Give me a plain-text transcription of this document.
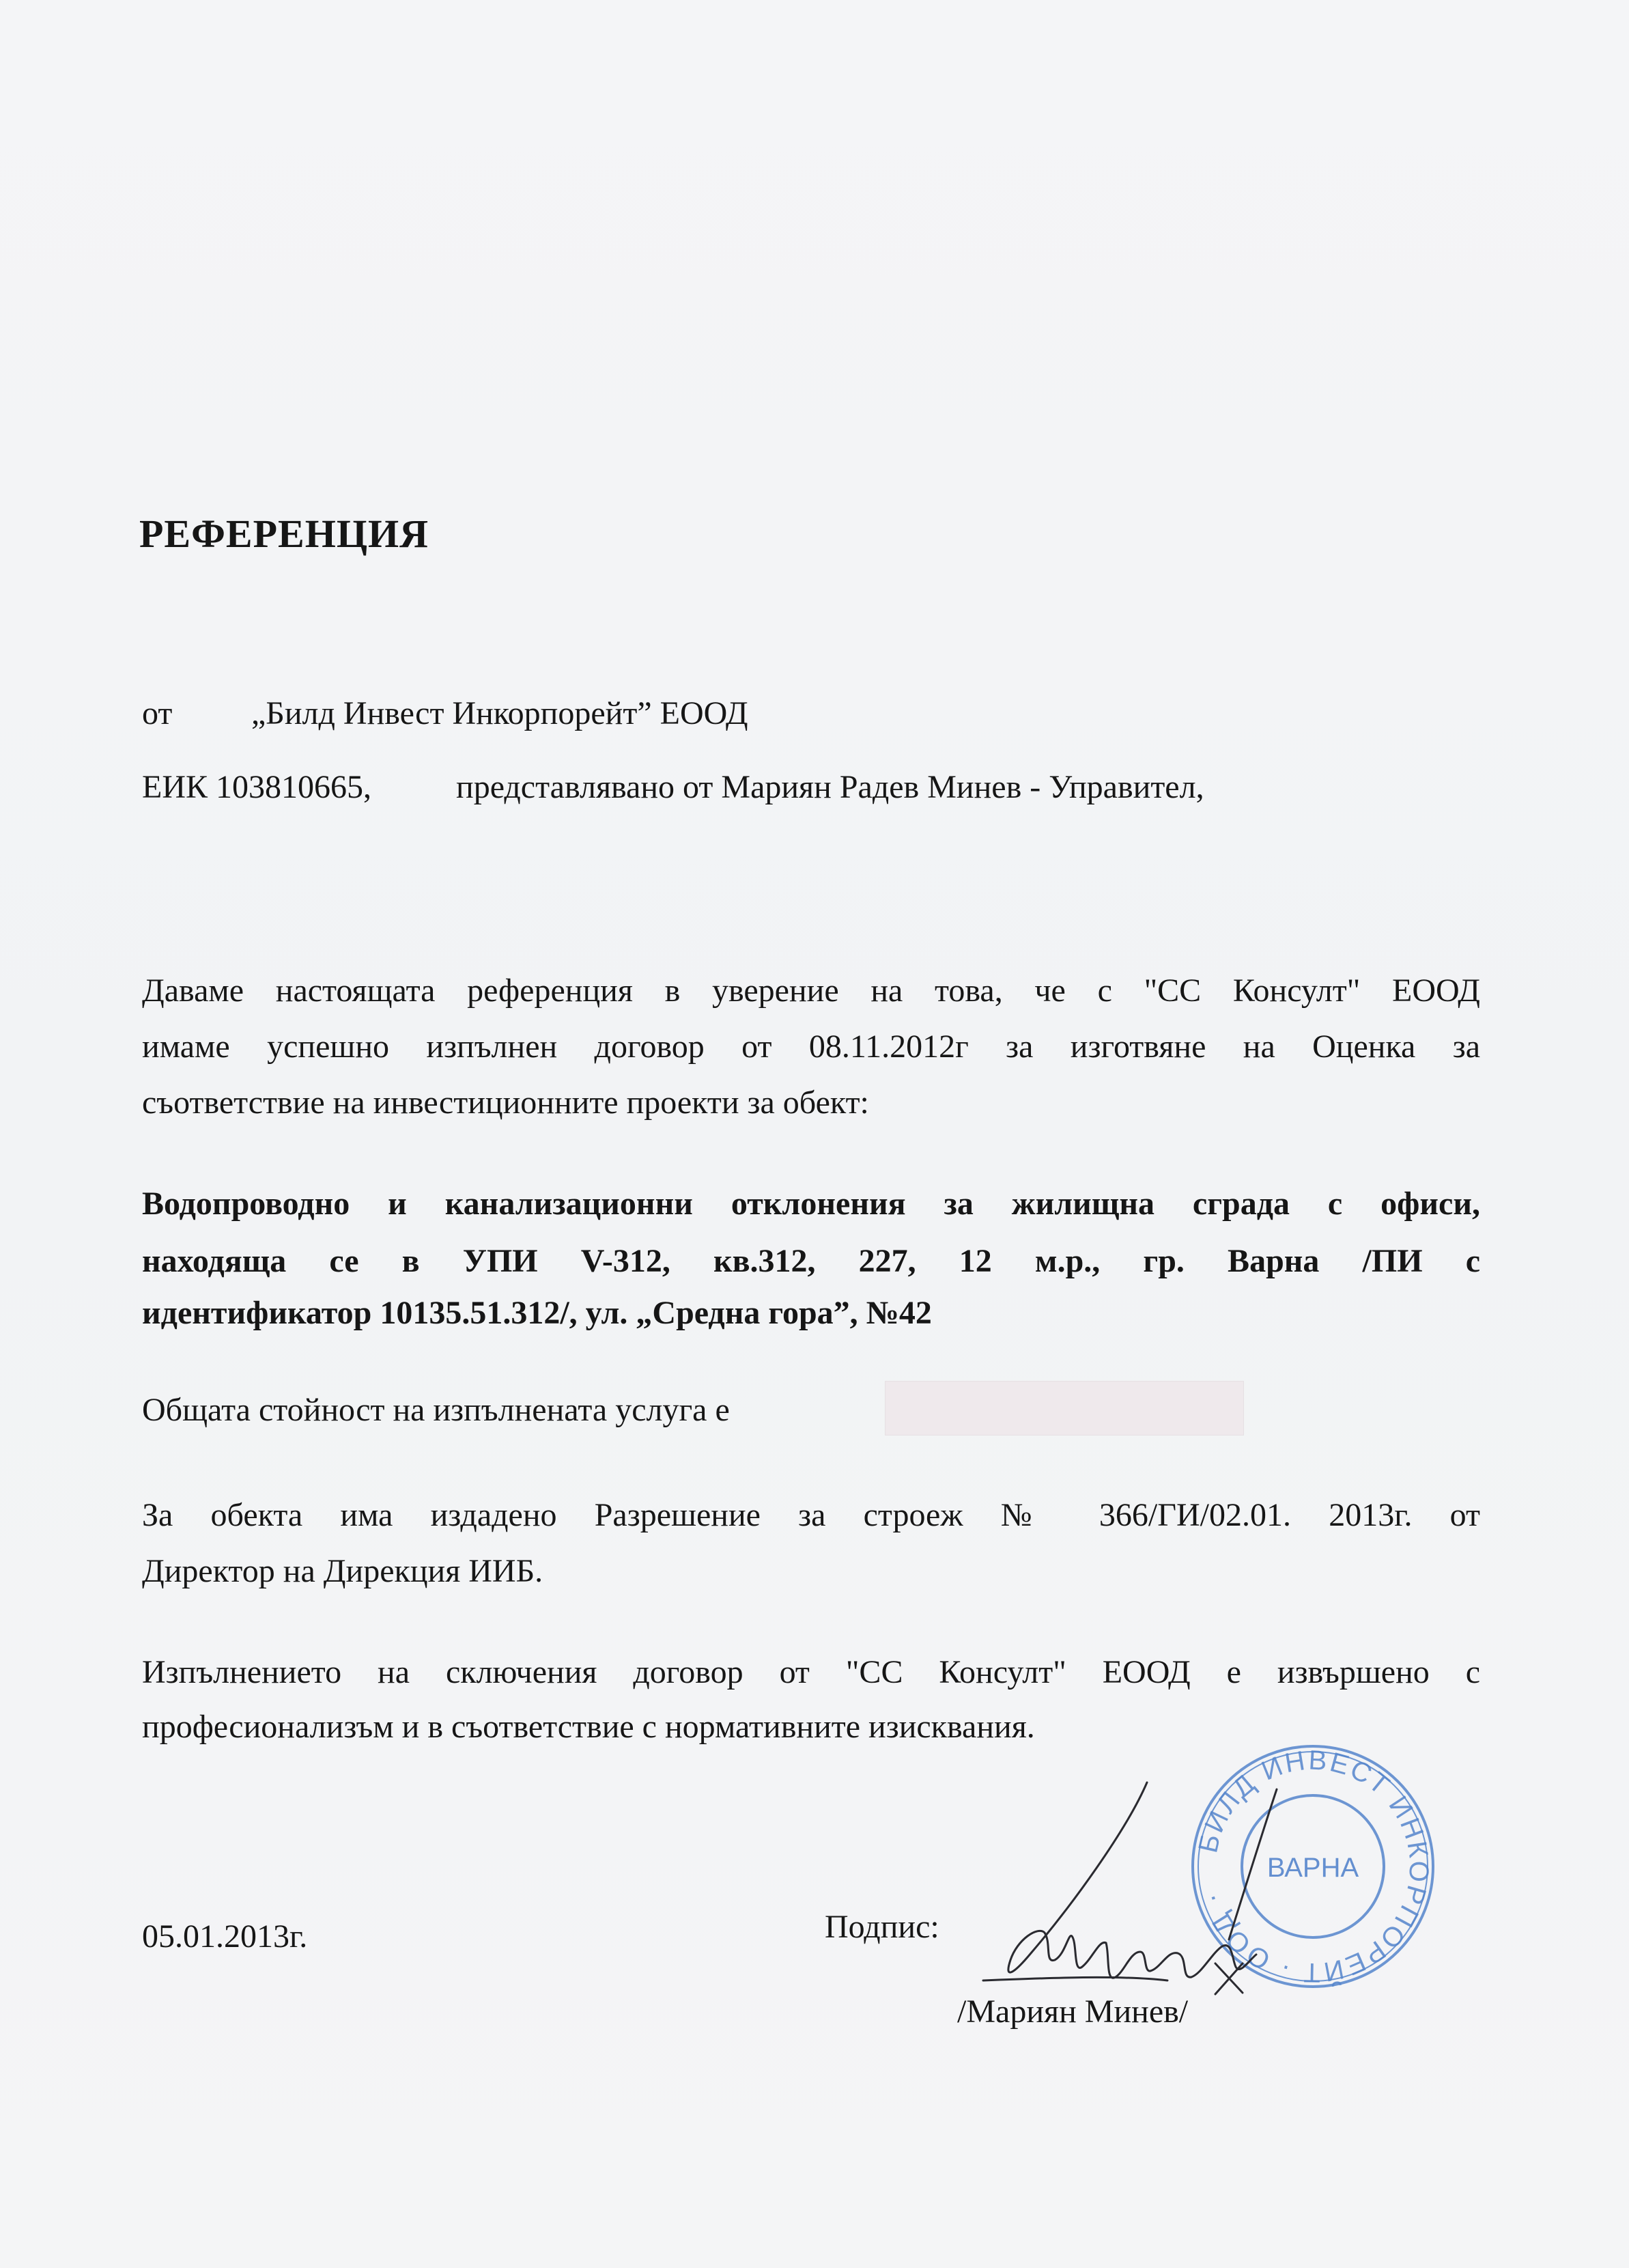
РЕФЕРЕНЦИЯ
от „Билд Инвест Инкорпорейт” ЕООД
ЕИК 103810665,	представлявано от Мариян Радев Минев - Управител,
Даваме настоящата референция в уверение на това, че с "СС Консулт" ЕООД
имаме успешно изпълнен договор от 08.11.2012г за изготвяне на Оценка за
съответствие на инвестиционните проекти за обект:
Водопроводно и канализационни отклонения за жилищна сграда с офиси,
находяща се в УПИ V-312, кв.312, 227, 12 м.р., гр. Варна /ПИ с
идентификатор 10135.51.312/, ул. „Средна гора”, №42
Общата стойност на изпълнената услуга е
За обекта има издадено Разрешение за строеж № 366/ГИ/02.01. 2013г. от
Директор на Дирекция ИИБ.
Изпълнението на сключения договор от "СС Консулт" ЕООД е извършено с
професионализъм и в съответствие с нормативните изисквания.
05.01.2013г.	Подпис:
/Мариян Минев/
БИЛД ИНВЕСТ ИНКОРПОРЕЙТ · ООД ·
ВАРНА
